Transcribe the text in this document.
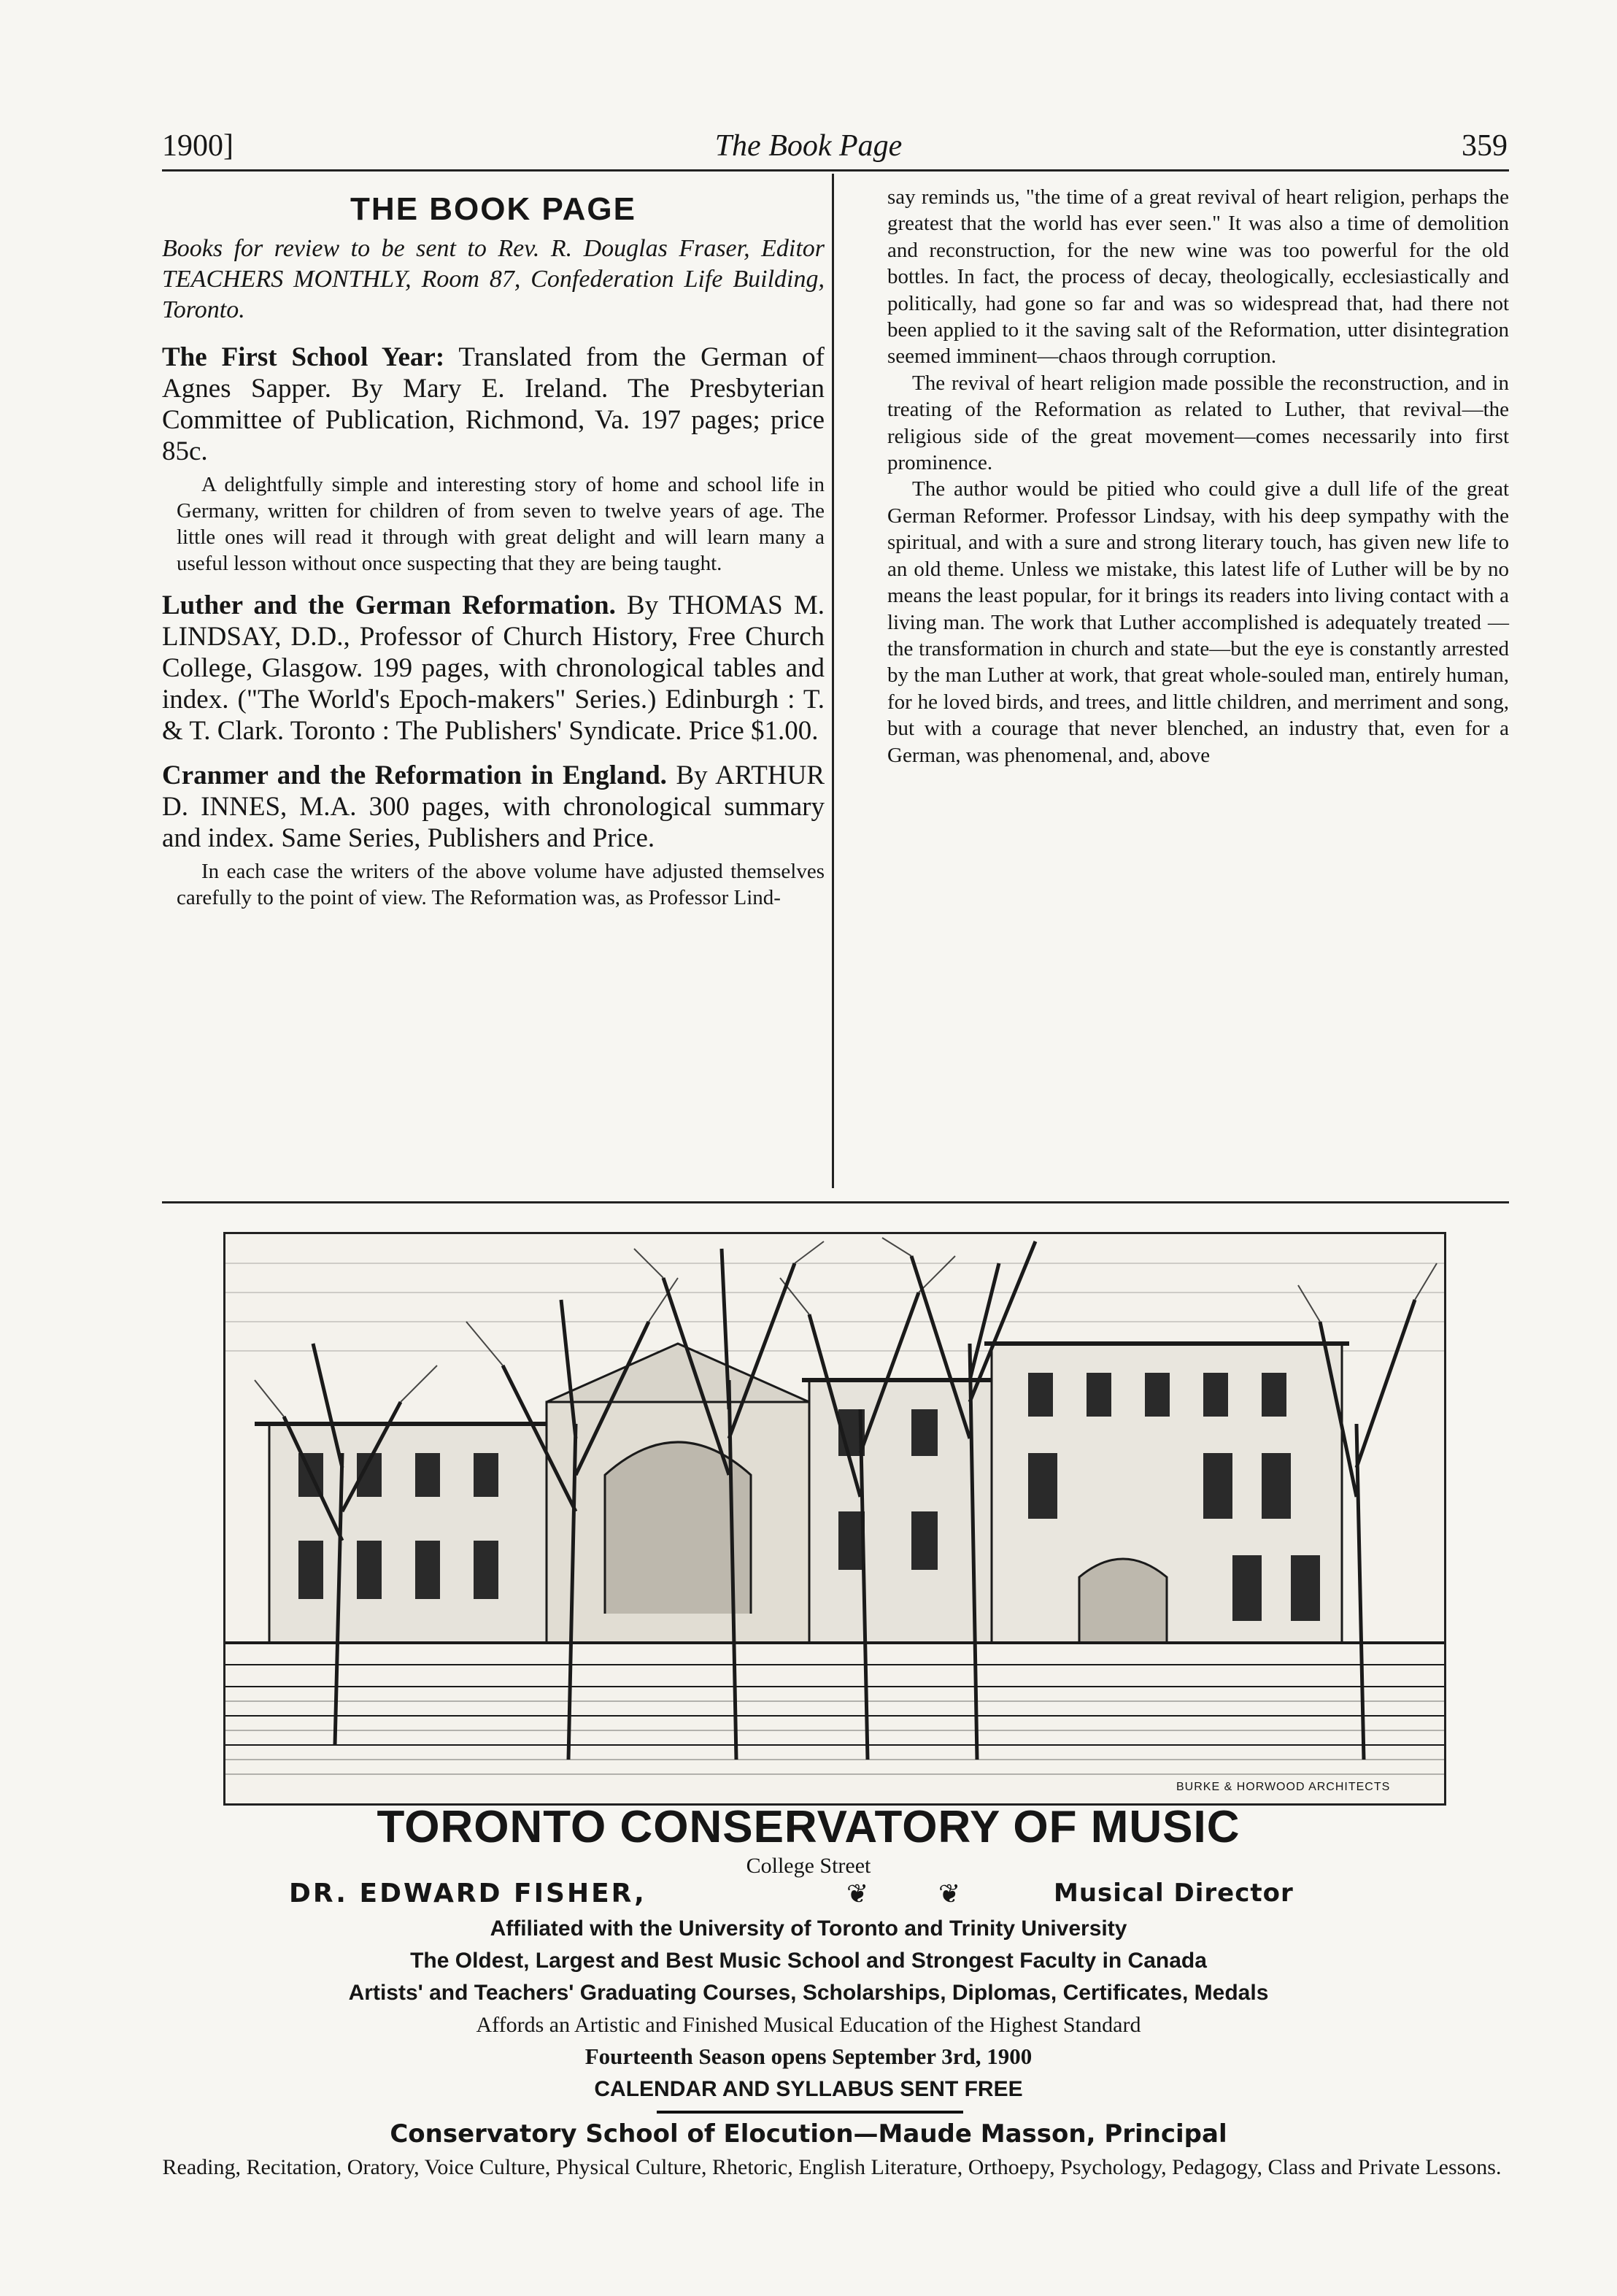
1900]	The Book Page	359
THE BOOK PAGE

Books for review to be sent to Rev. R. Douglas Fraser, Editor TEACHERS MONTHLY, Room 87, Confederation Life Building, Toronto.

The First School Year: Translated from the German of Agnes Sapper. By Mary E. Ireland. The Presbyterian Committee of Publication, Richmond, Va. 197 pages; price 85c.

A delightfully simple and interesting story of home and school life in Germany, written for children of from seven to twelve years of age. The little ones will read it through with great delight and will learn many a useful lesson without once suspecting that they are being taught.

Luther and the German Reformation. By THOMAS M. LINDSAY, D.D., Professor of Church History, Free Church College, Glasgow. 199 pages, with chronological tables and index. ("The World's Epoch-makers" Series.) Edinburgh : T. & T. Clark. Toronto : The Publishers' Syndicate. Price $1.00.

Cranmer and the Reformation in England. By ARTHUR D. INNES, M.A. 300 pages, with chronological summary and index. Same Series, Publishers and Price.

In each case the writers of the above volume have adjusted themselves carefully to the point of view. The Reformation was, as Professor Lind-

say reminds us, "the time of a great revival of heart religion, perhaps the greatest that the world has ever seen." It was also a time of demolition and reconstruction, for the new wine was too powerful for the old bottles. In fact, the process of decay, theologically, ecclesiastically and politically, had gone so far and was so widespread that, had there not been applied to it the saving salt of the Reformation, utter disintegration seemed imminent—chaos through corruption.

The revival of heart religion made possible the reconstruction, and in treating of the Reformation as related to Luther, that revival—the religious side of the great movement—comes necessarily into first prominence.

The author would be pitied who could give a dull life of the great German Reformer. Professor Lindsay, with his deep sympathy with the spiritual, and with a sure and strong literary touch, has given new life to an old theme. Unless we mistake, this latest life of Luther will be by no means the least popular, for it brings its readers into living contact with a living man. The work that Luther accomplished is adequately treated —the transformation in church and state—but the eye is constantly arrested by the man Luther at work, that great whole-souled man, entirely human, for he loved birds, and trees, and little children, and merriment and song, but with a courage that never blenched, an industry that, even for a German, was phenomenal, and, above

BURKE & HORWOOD ARCHITECTS
TORONTO CONSERVATORY OF MUSIC
College Street
DR. EDWARD FISHER,	❦	❦	Musical Director
Affiliated with the University of Toronto and Trinity University
The Oldest, Largest and Best Music School and Strongest Faculty in Canada
Artists' and Teachers' Graduating Courses, Scholarships, Diplomas, Certificates, Medals
Affords an Artistic and Finished Musical Education of the Highest Standard
Fourteenth Season opens September 3rd, 1900
CALENDAR AND SYLLABUS SENT FREE
Conservatory School of Elocution—Maude Masson, Principal
Reading, Recitation, Oratory, Voice Culture, Physical Culture, Rhetoric, English Literature, Orthoepy, Psychology, Pedagogy, Class and Private Lessons.
